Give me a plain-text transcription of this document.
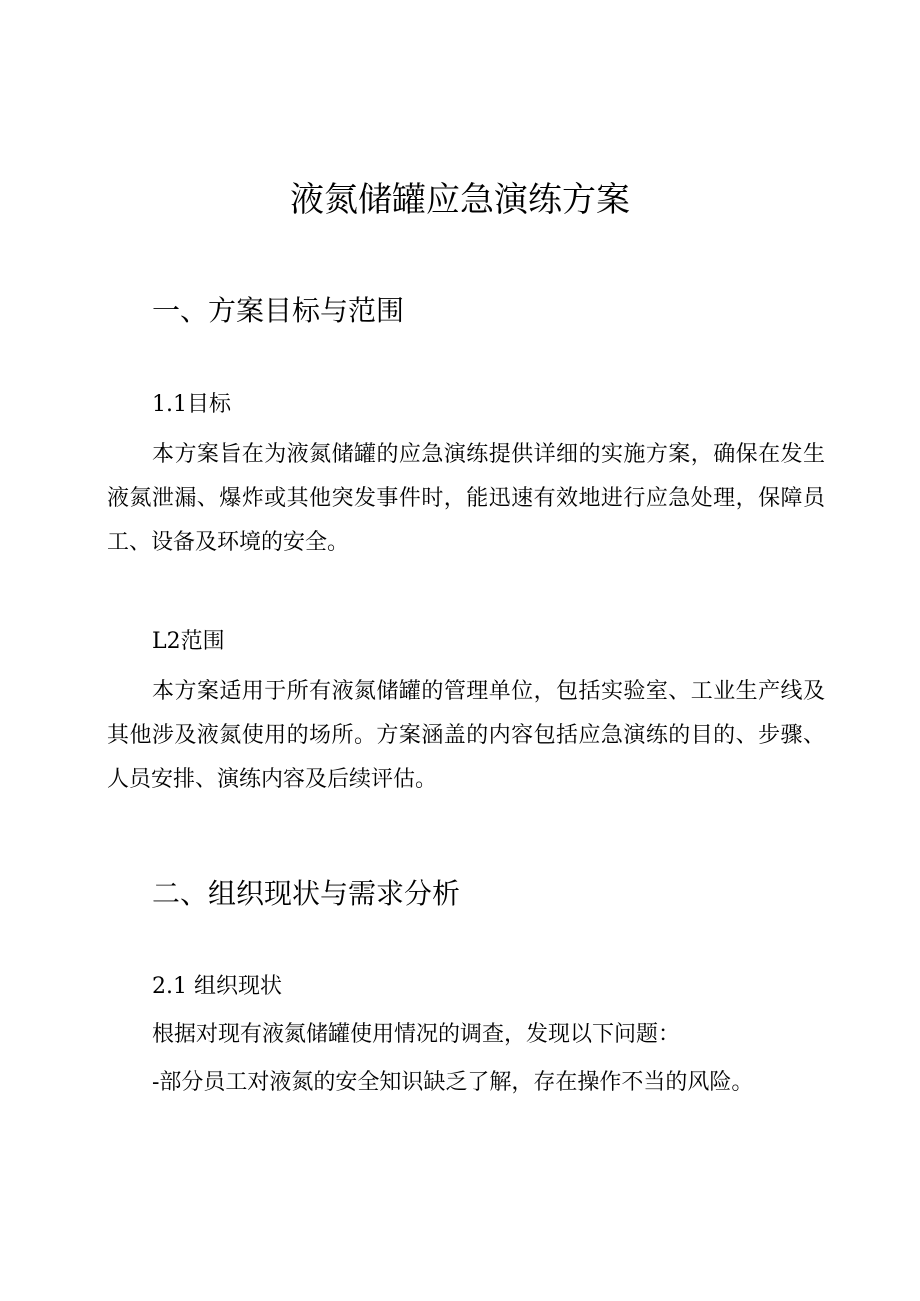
液氮储罐应急演练方案
一、方案目标与范围
1.1目标

本方案旨在为液氮储罐的应急演练提供详细的实施方案，确保在发生液氮泄漏、爆炸或其他突发事件时，能迅速有效地进行应急处理，保障员工、设备及环境的安全。

L2范围

本方案适用于所有液氮储罐的管理单位，包括实验室、工业生产线及其他涉及液氮使用的场所。方案涵盖的内容包括应急演练的目的、步骤、人员安排、演练内容及后续评估。

二、组织现状与需求分析
2.1 组织现状

根据对现有液氮储罐使用情况的调查，发现以下问题：

-部分员工对液氮的安全知识缺乏了解，存在操作不当的风险。
